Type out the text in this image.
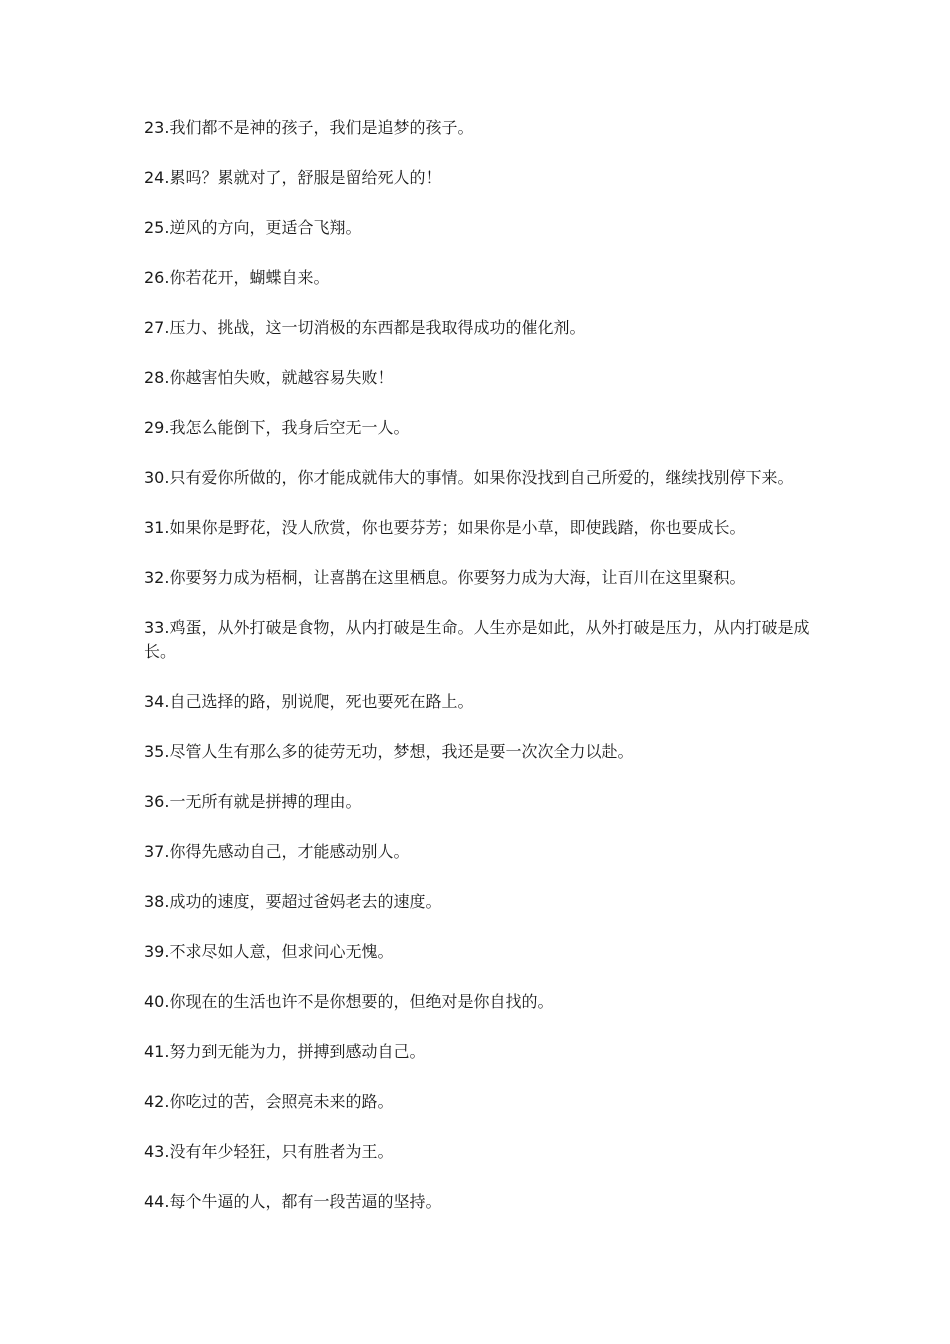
23.我们都不是神的孩子，我们是追梦的孩子。
24.累吗？累就对了，舒服是留给死人的！
25.逆风的方向，更适合飞翔。
26.你若花开，蝴蝶自来。
27.压力、挑战，这一切消极的东西都是我取得成功的催化剂。
28.你越害怕失败，就越容易失败！
29.我怎么能倒下，我身后空无一人。
30.只有爱你所做的，你才能成就伟大的事情。如果你没找到自己所爱的，继续找别停下来。
31.如果你是野花，没人欣赏，你也要芬芳；如果你是小草，即使践踏，你也要成长。
32.你要努力成为梧桐，让喜鹊在这里栖息。你要努力成为大海，让百川在这里聚积。
33.鸡蛋，从外打破是食物，从内打破是生命。人生亦是如此，从外打破是压力，从内打破是成长。
34.自己选择的路，别说爬，死也要死在路上。
35.尽管人生有那么多的徒劳无功，梦想，我还是要一次次全力以赴。
36.一无所有就是拼搏的理由。
37.你得先感动自己，才能感动别人。
38.成功的速度，要超过爸妈老去的速度。
39.不求尽如人意，但求问心无愧。
40.你现在的生活也许不是你想要的，但绝对是你自找的。
41.努力到无能为力，拼搏到感动自己。
42.你吃过的苦，会照亮未来的路。
43.没有年少轻狂，只有胜者为王。
44.每个牛逼的人，都有一段苦逼的坚持。
